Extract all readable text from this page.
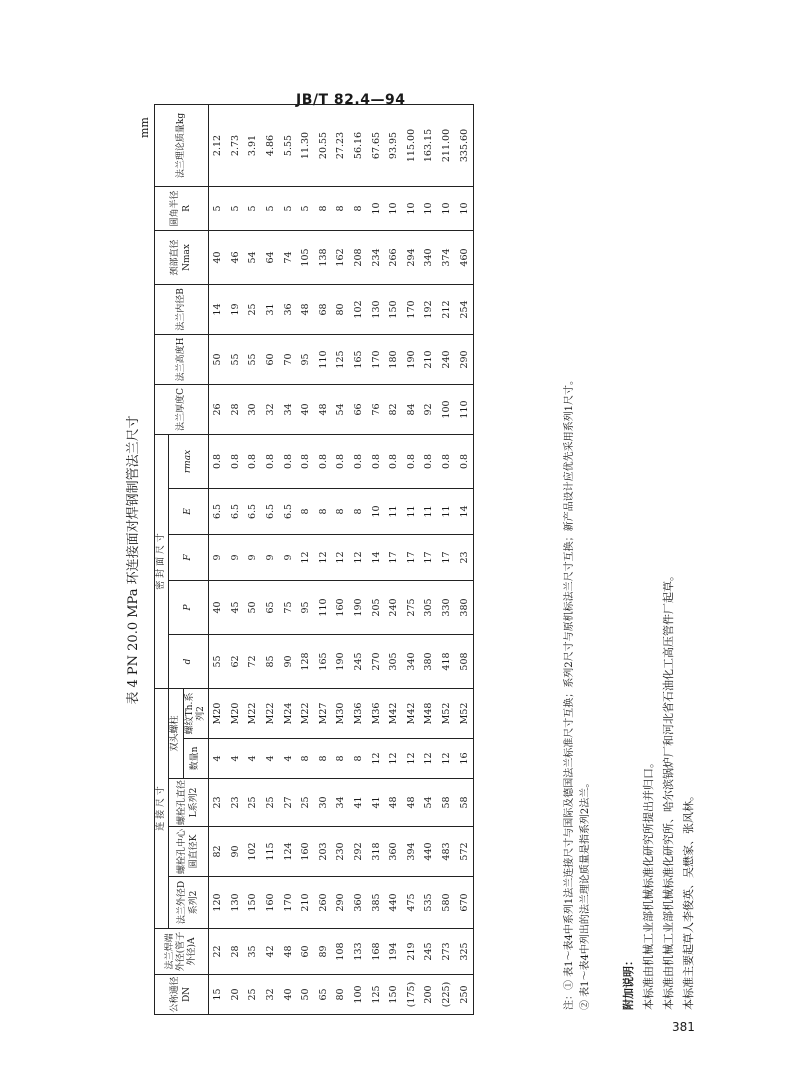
JB/T 82.4—94
表 4 PN 20.0 MPa 环连接面对焊钢制管法兰尺寸
mm
公称通径DN	法兰焊端外径(管子外径)A	连 接 尺 寸					密 封 面 尺 寸					法兰厚度C	法兰高度H	法兰内径B	颈部直径Nmax	圆角半径R	法兰理论质量kg
		法兰外径D系列2	螺栓孔中心圆直径K	螺栓孔直径L系列2	双头螺柱		d	P	F	E	rmax						
					数量n	螺纹Th.系列2											
15	22	120	82	23	4	M20	55	40	9	6.5	0.8	26	50	14	40	5	2.12
20	28	130	90	23	4	M20	62	45	9	6.5	0.8	28	55	19	46	5	2.73
25	35	150	102	25	4	M22	72	50	9	6.5	0.8	30	55	25	54	5	3.91
32	42	160	115	25	4	M22	85	65	9	6.5	0.8	32	60	31	64	5	4.86
40	48	170	124	27	4	M24	90	75	9	6.5	0.8	34	70	36	74	5	5.55
50	60	210	160	25	8	M22	128	95	12	8	0.8	40	95	48	105	5	11.30
65	89	260	203	30	8	M27	165	110	12	8	0.8	48	110	68	138	8	20.55
80	108	290	230	34	8	M30	190	160	12	8	0.8	54	125	80	162	8	27.23
100	133	360	292	41	8	M36	245	190	12	8	0.8	66	165	102	208	8	56.16
125	168	385	318	41	12	M36	270	205	14	10	0.8	76	170	130	234	10	67.65
150	194	440	360	48	12	M42	305	240	17	11	0.8	82	180	150	266	10	93.95
(175)	219	475	394	48	12	M42	340	275	17	11	0.8	84	190	170	294	10	115.00
200	245	535	440	54	12	M48	380	305	17	11	0.8	92	210	192	340	10	163.15
(225)	273	580	483	58	12	M52	418	330	17	11	0.8	100	240	212	374	10	211.00
250	325	670	572	58	16	M52	508	380	23	14	0.8	110	290	254	460	10	335.60
注：① 表1～表4中系列1法兰连接尺寸与国际及德国法兰标准尺寸互换；系列2尺寸与原机标法兰尺寸互换；新产品设计应优先采用系列1尺寸。 ② 表1～表4中列出的法兰理论质量是指系列2法兰。	附加说明： 本标准由机械工业部机械标准化研究所提出并归口。 本标准由机械工业部机械标准化研究所、哈尔滨锅炉厂和河北省石油化工高压管件厂起草。 本标准主要起草人李俊英、吴懋家、张风林。
381
